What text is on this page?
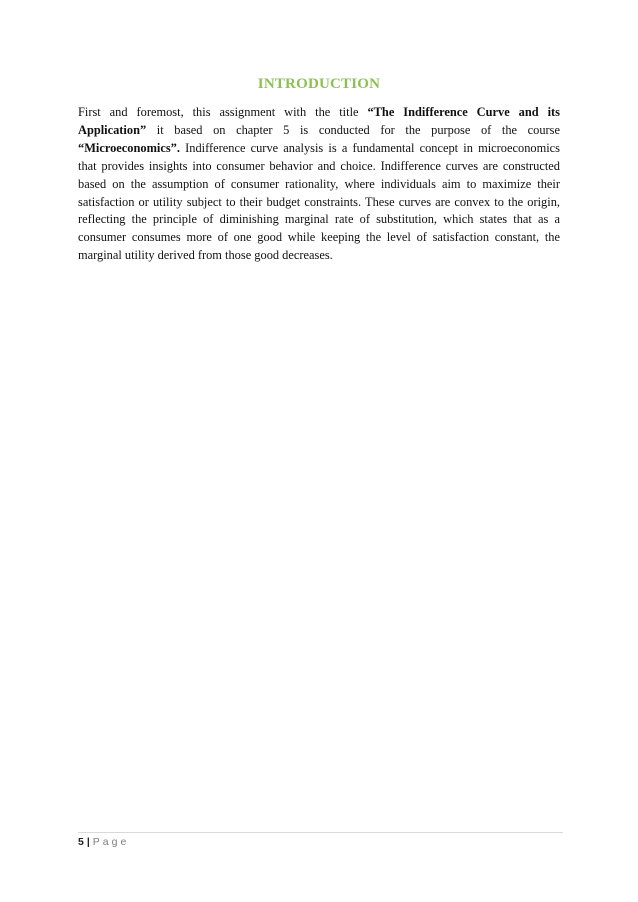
INTRODUCTION

First and foremost, this assignment with the title “The Indifference Curve and its Application” it based on chapter 5 is conducted for the purpose of the course “Microeconomics”. Indifference curve analysis is a fundamental concept in microeconomics that provides insights into consumer behavior and choice. Indifference curves are constructed based on the assumption of consumer rationality, where individuals aim to maximize their satisfaction or utility subject to their budget constraints. These curves are convex to the origin, reflecting the principle of diminishing marginal rate of substitution, which states that as a consumer consumes more of one good while keeping the level of satisfaction constant, the marginal utility derived from those good decreases.

5 | Page
